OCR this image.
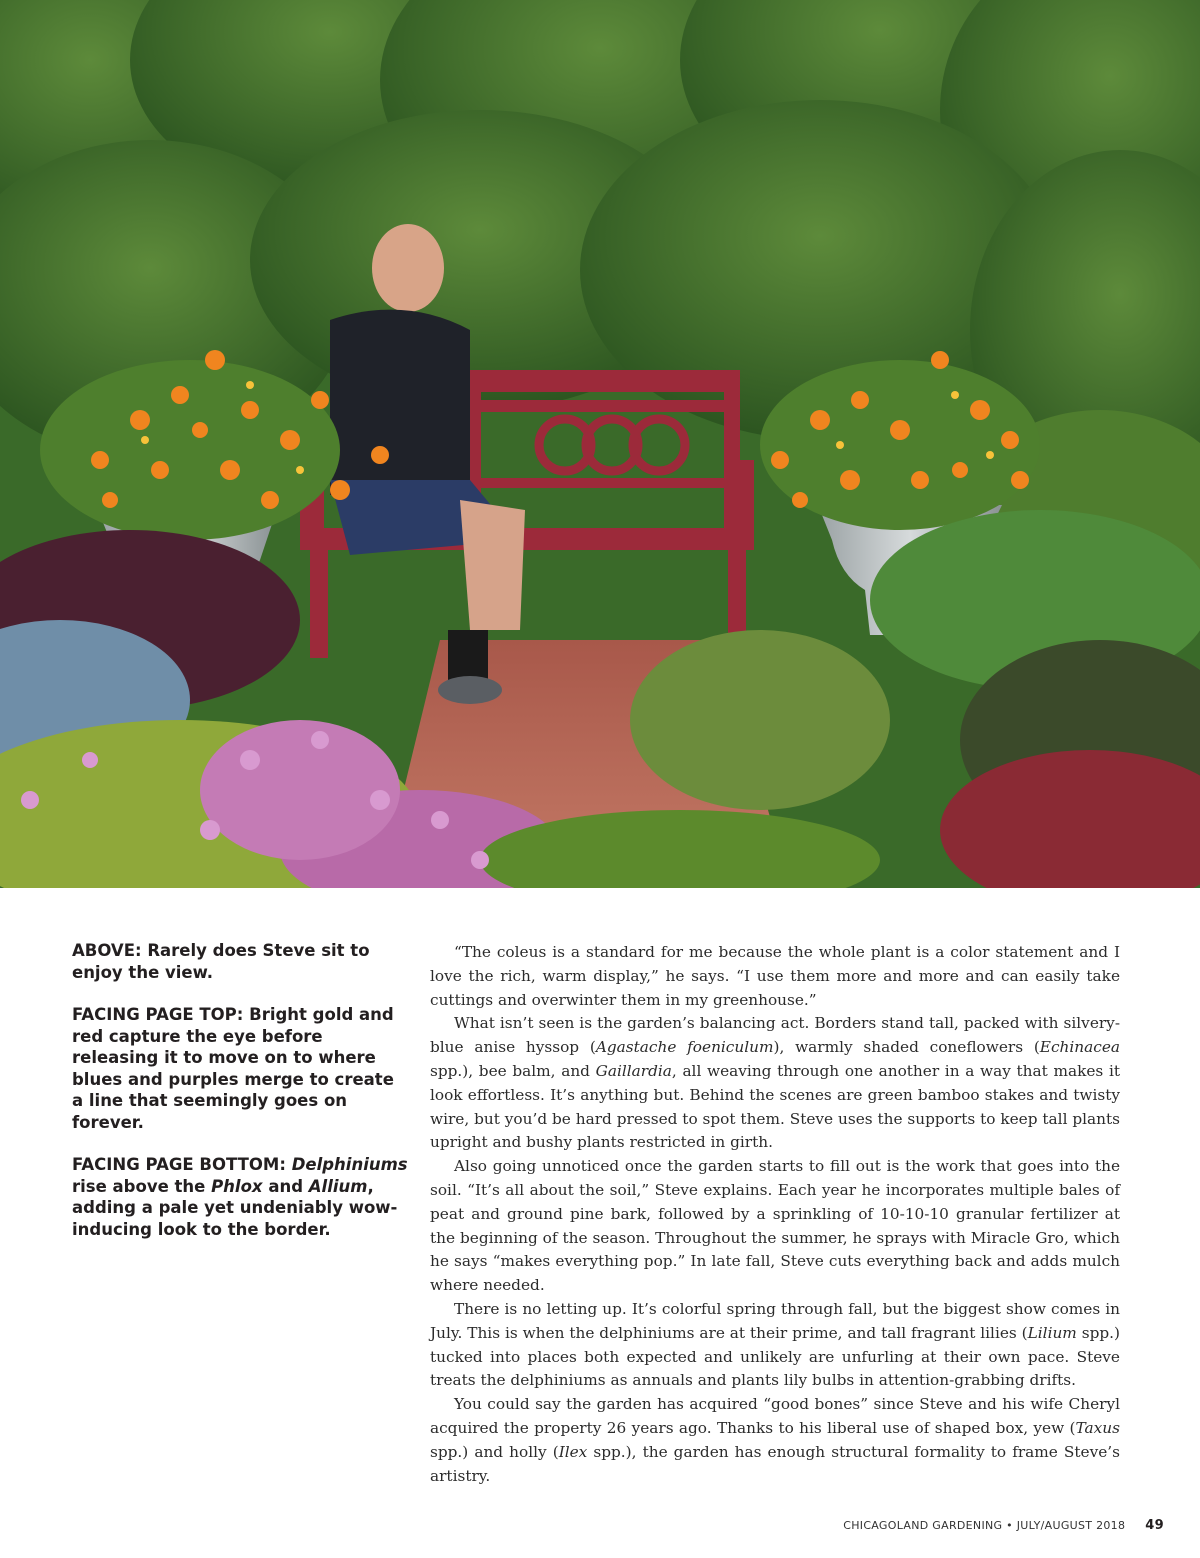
ABOVE: Rarely does Steve sit to enjoy the view.

FACING PAGE TOP: Bright gold and red capture the eye before releasing it to move on to where blues and purples merge to create a line that seemingly goes on forever.

FACING PAGE BOTTOM: Delphiniums rise above the Phlox and Allium, adding a pale yet undeniably wow-inducing look to the border.

“The coleus is a standard for me because the whole plant is a color statement and I love the rich, warm display,” he says. “I use them more and more and can easily take cuttings and overwinter them in my greenhouse.”

What isn’t seen is the garden’s balancing act. Borders stand tall, packed with silvery-blue anise hyssop (Agastache foeniculum), warmly shaded coneflowers (Echinacea spp.), bee balm, and Gaillardia, all weaving through one another in a way that makes it look effortless. It’s anything but. Behind the scenes are green bamboo stakes and twisty wire, but you’d be hard pressed to spot them. Steve uses the supports to keep tall plants upright and bushy plants restricted in girth.

Also going unnoticed once the garden starts to fill out is the work that goes into the soil. “It’s all about the soil,” Steve explains. Each year he incorporates multiple bales of peat and ground pine bark, followed by a sprinkling of 10-10-10 granular fertilizer at the beginning of the season. Throughout the summer, he sprays with Miracle Gro, which he says “makes everything pop.” In late fall, Steve cuts everything back and adds mulch where needed.

There is no letting up. It’s colorful spring through fall, but the biggest show comes in July. This is when the delphiniums are at their prime, and tall fragrant lilies (Lilium spp.) tucked into places both expected and unlikely are unfurling at their own pace. Steve treats the delphiniums as annuals and plants lily bulbs in attention-grabbing drifts.

You could say the garden has acquired “good bones” since Steve and his wife Cheryl acquired the property 26 years ago. Thanks to his liberal use of shaped box, yew (Taxus spp.) and holly (Ilex spp.), the garden has enough structural formality to frame Steve’s artistry.

CHICAGOLAND GARDENING • JULY/AUGUST 2018 49
